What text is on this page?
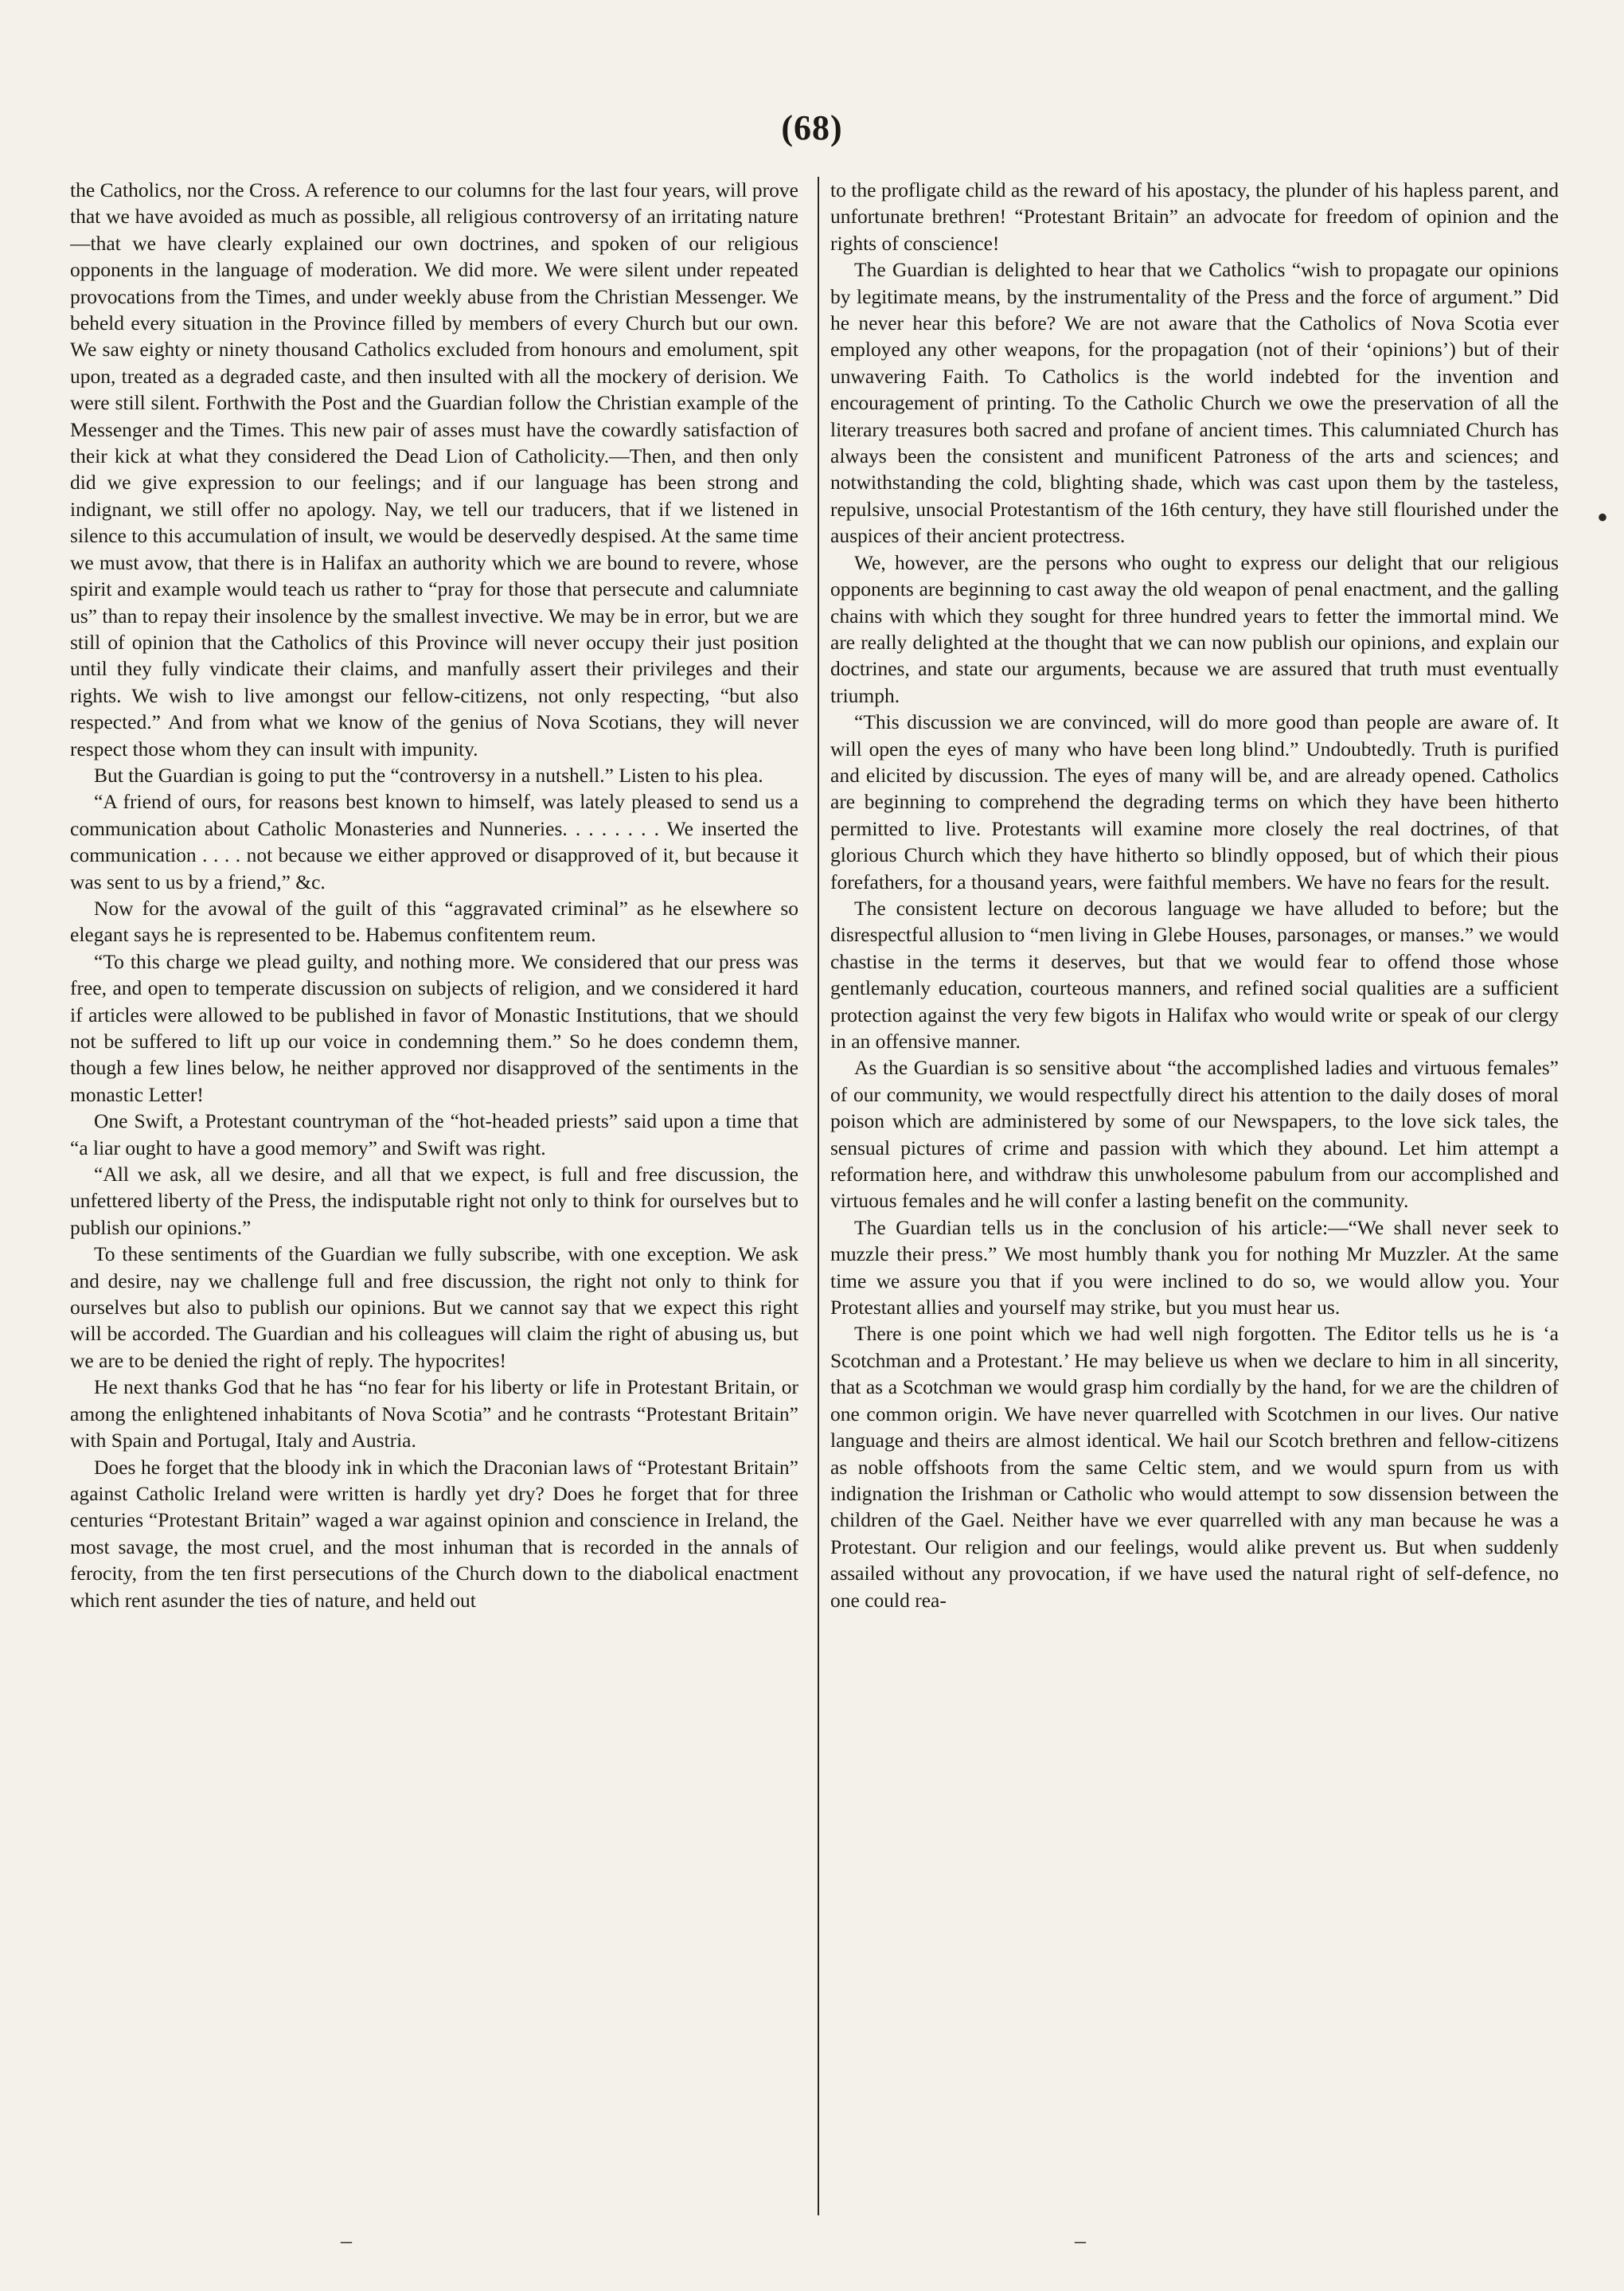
(68)

the Catholics, nor the Cross. A reference to our columns for the last four years, will prove that we have avoided as much as possible, all religious controversy of an irritating nature—that we have clearly explained our own doctrines, and spoken of our religious opponents in the language of moderation. We did more. We were silent under repeated provocations from the Times, and under weekly abuse from the Christian Messenger. We beheld every situation in the Province filled by members of every Church but our own. We saw eighty or ninety thousand Catholics excluded from honours and emolument, spit upon, treated as a degraded caste, and then insulted with all the mockery of derision. We were still silent. Forthwith the Post and the Guardian follow the Christian example of the Messenger and the Times. This new pair of asses must have the cowardly satisfaction of their kick at what they considered the Dead Lion of Catholicity.—Then, and then only did we give expression to our feelings; and if our language has been strong and indignant, we still offer no apology. Nay, we tell our traducers, that if we listened in silence to this accumulation of insult, we would be deservedly despised. At the same time we must avow, that there is in Halifax an authority which we are bound to revere, whose spirit and example would teach us rather to “pray for those that persecute and calumniate us” than to repay their insolence by the smallest invective. We may be in error, but we are still of opinion that the Catholics of this Province will never occupy their just position until they fully vindicate their claims, and manfully assert their privileges and their rights. We wish to live amongst our fellow-citizens, not only respecting, “but also respected.” And from what we know of the genius of Nova Scotians, they will never respect those whom they can insult with impunity.

But the Guardian is going to put the “controversy in a nutshell.” Listen to his plea.

“A friend of ours, for reasons best known to himself, was lately pleased to send us a communication about Catholic Monasteries and Nunneries. . . . . . . . We inserted the communication . . . . not because we either approved or disapproved of it, but because it was sent to us by a friend,” &c.

Now for the avowal of the guilt of this “aggravated criminal” as he elsewhere so elegant says he is represented to be. Habemus confitentem reum.

“To this charge we plead guilty, and nothing more. We considered that our press was free, and open to temperate discussion on subjects of religion, and we considered it hard if articles were allowed to be published in favor of Monastic Institutions, that we should not be suffered to lift up our voice in condemning them.” So he does condemn them, though a few lines below, he neither approved nor disapproved of the sentiments in the monastic Letter!

One Swift, a Protestant countryman of the “hot-headed priests” said upon a time that “a liar ought to have a good memory” and Swift was right.

“All we ask, all we desire, and all that we expect, is full and free discussion, the unfettered liberty of the Press, the indisputable right not only to think for ourselves but to publish our opinions.”

To these sentiments of the Guardian we fully subscribe, with one exception. We ask and desire, nay we challenge full and free discussion, the right not only to think for ourselves but also to publish our opinions. But we cannot say that we expect this right will be accorded. The Guardian and his colleagues will claim the right of abusing us, but we are to be denied the right of reply. The hypocrites!

He next thanks God that he has “no fear for his liberty or life in Protestant Britain, or among the enlightened inhabitants of Nova Scotia” and he contrasts “Protestant Britain” with Spain and Portugal, Italy and Austria.

Does he forget that the bloody ink in which the Draconian laws of “Protestant Britain” against Catholic Ireland were written is hardly yet dry? Does he forget that for three centuries “Protestant Britain” waged a war against opinion and conscience in Ireland, the most savage, the most cruel, and the most inhuman that is recorded in the annals of ferocity, from the ten first persecutions of the Church down to the diabolical enactment which rent asunder the ties of nature, and held out

to the profligate child as the reward of his apostacy, the plunder of his hapless parent, and unfortunate brethren! “Protestant Britain” an advocate for freedom of opinion and the rights of conscience!

The Guardian is delighted to hear that we Catholics “wish to propagate our opinions by legitimate means, by the instrumentality of the Press and the force of argument.” Did he never hear this before? We are not aware that the Catholics of Nova Scotia ever employed any other weapons, for the propagation (not of their ‘opinions’) but of their unwavering Faith. To Catholics is the world indebted for the invention and encouragement of printing. To the Catholic Church we owe the preservation of all the literary treasures both sacred and profane of ancient times. This calumniated Church has always been the consistent and munificent Patroness of the arts and sciences; and notwithstanding the cold, blighting shade, which was cast upon them by the tasteless, repulsive, unsocial Protestantism of the 16th century, they have still flourished under the auspices of their ancient protectress.

We, however, are the persons who ought to express our delight that our religious opponents are beginning to cast away the old weapon of penal enactment, and the galling chains with which they sought for three hundred years to fetter the immortal mind. We are really delighted at the thought that we can now publish our opinions, and explain our doctrines, and state our arguments, because we are assured that truth must eventually triumph.

“This discussion we are convinced, will do more good than people are aware of. It will open the eyes of many who have been long blind.” Undoubtedly. Truth is purified and elicited by discussion. The eyes of many will be, and are already opened. Catholics are beginning to comprehend the degrading terms on which they have been hitherto permitted to live. Protestants will examine more closely the real doctrines, of that glorious Church which they have hitherto so blindly opposed, but of which their pious forefathers, for a thousand years, were faithful members. We have no fears for the result.

The consistent lecture on decorous language we have alluded to before; but the disrespectful allusion to “men living in Glebe Houses, parsonages, or manses.” we would chastise in the terms it deserves, but that we would fear to offend those whose gentlemanly education, courteous manners, and refined social qualities are a sufficient protection against the very few bigots in Halifax who would write or speak of our clergy in an offensive manner.

As the Guardian is so sensitive about “the accomplished ladies and virtuous females” of our community, we would respectfully direct his attention to the daily doses of moral poison which are administered by some of our Newspapers, to the love sick tales, the sensual pictures of crime and passion with which they abound. Let him attempt a reformation here, and withdraw this unwholesome pabulum from our accomplished and virtuous females and he will confer a lasting benefit on the community.

The Guardian tells us in the conclusion of his article:—“We shall never seek to muzzle their press.” We most humbly thank you for nothing Mr Muzzler. At the same time we assure you that if you were inclined to do so, we would allow you. Your Protestant allies and yourself may strike, but you must hear us.

There is one point which we had well nigh forgotten. The Editor tells us he is ‘a Scotchman and a Protestant.’ He may believe us when we declare to him in all sincerity, that as a Scotchman we would grasp him cordially by the hand, for we are the children of one common origin. We have never quarrelled with Scotchmen in our lives. Our native language and theirs are almost identical. We hail our Scotch brethren and fellow-citizens as noble offshoots from the same Celtic stem, and we would spurn from us with indignation the Irishman or Catholic who would attempt to sow dissension between the children of the Gael. Neither have we ever quarrelled with any man because he was a Protestant. Our religion and our feelings, would alike prevent us. But when suddenly assailed without any provocation, if we have used the natural right of self-defence, no one could rea-

•
–	–
